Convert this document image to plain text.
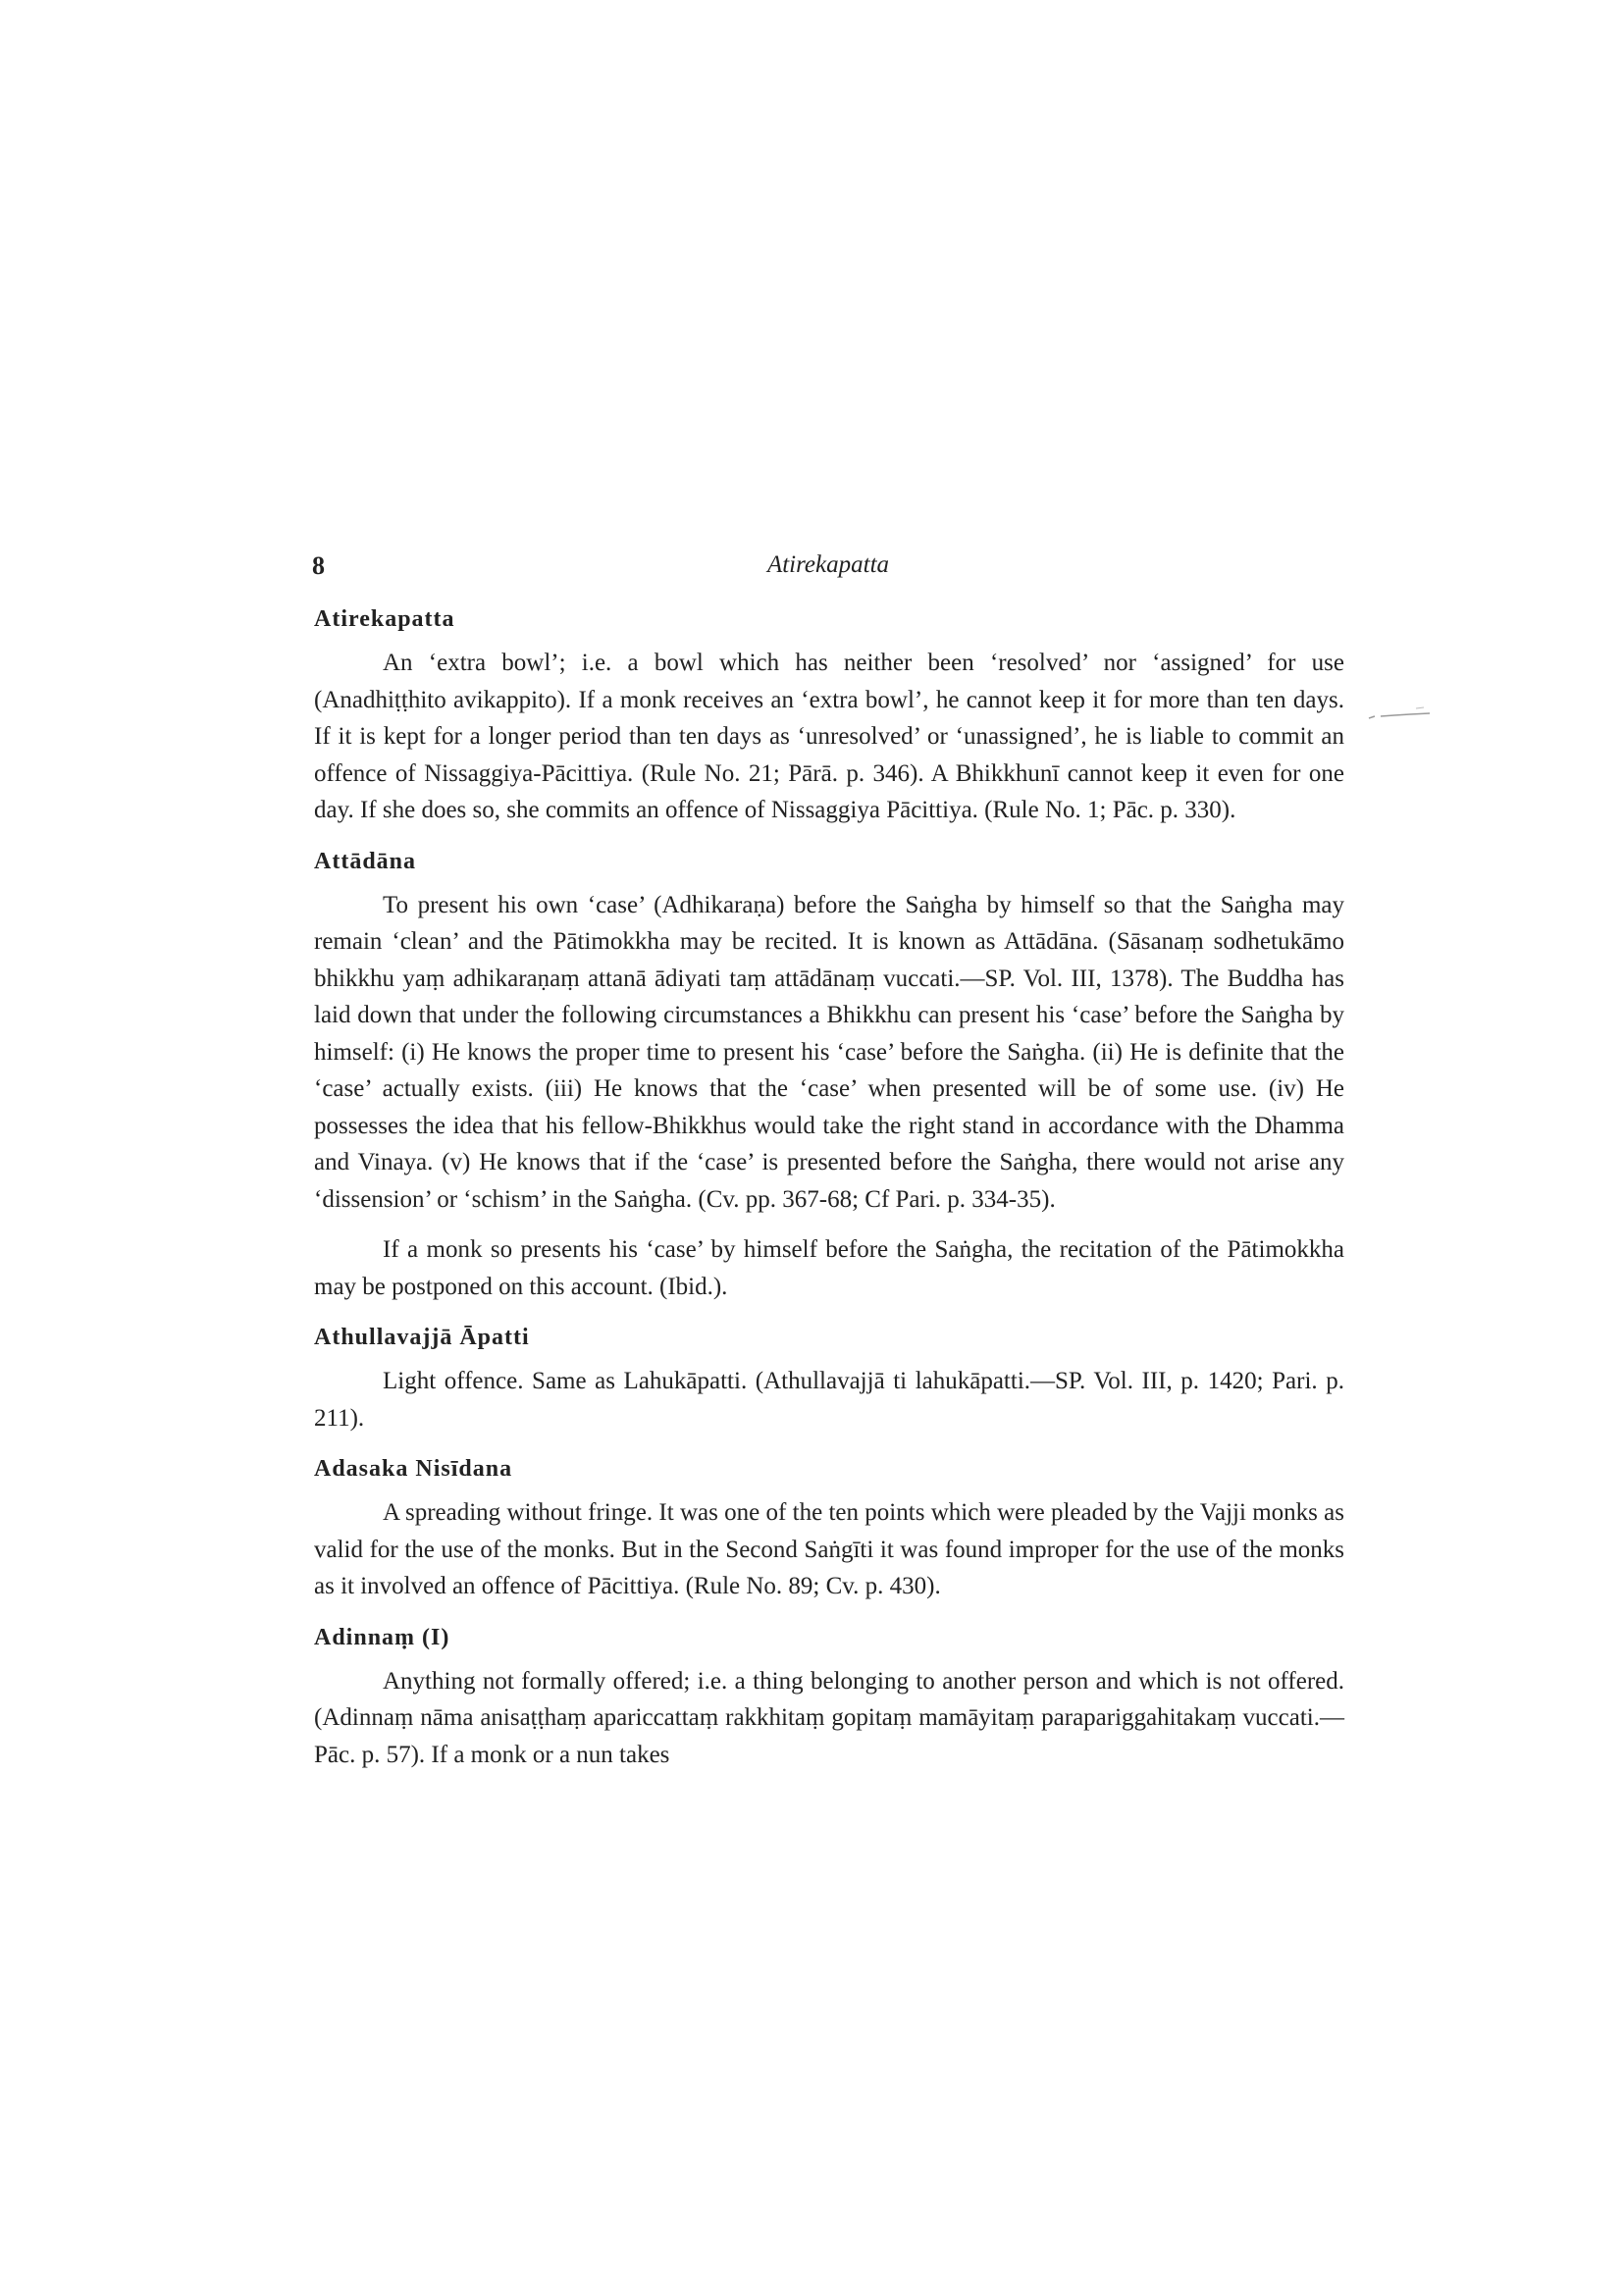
8	Atirekapatta
Atirekapatta

An ‘extra bowl’; i.e. a bowl which has neither been ‘resolved’ nor ‘assigned’ for use (Anadhiṭṭhito avikappito). If a monk receives an ‘extra bowl’, he cannot keep it for more than ten days. If it is kept for a longer period than ten days as ‘unresolved’ or ‘unassigned’, he is liable to commit an offence of Nissaggiya-Pācittiya. (Rule No. 21; Pārā. p. 346). A Bhikkhunī cannot keep it even for one day. If she does so, she commits an offence of Nissaggiya Pācittiya. (Rule No. 1; Pāc. p. 330).

Attādāna

To present his own ‘case’ (Adhikaraṇa) before the Saṅgha by himself so that the Saṅgha may remain ‘clean’ and the Pātimokkha may be recited. It is known as Attādāna. (Sāsanaṃ sodhetukāmo bhikkhu yaṃ adhikaraṇaṃ attanā ādiyati taṃ attādānaṃ vuccati.—SP. Vol. III, 1378). The Buddha has laid down that under the following circumstances a Bhikkhu can present his ‘case’ before the Saṅgha by himself: (i) He knows the proper time to present his ‘case’ before the Saṅgha. (ii) He is definite that the ‘case’ actually exists. (iii) He knows that the ‘case’ when presented will be of some use. (iv) He possesses the idea that his fellow-Bhikkhus would take the right stand in accordance with the Dhamma and Vinaya. (v) He knows that if the ‘case’ is presented before the Saṅgha, there would not arise any ‘dissension’ or ‘schism’ in the Saṅgha. (Cv. pp. 367-68; Cf Pari. p. 334-35).

If a monk so presents his ‘case’ by himself before the Saṅgha, the recitation of the Pātimokkha may be postponed on this account. (Ibid.).

Athullavajjā Āpatti

Light offence. Same as Lahukāpatti. (Athullavajjā ti lahukāpatti.—SP. Vol. III, p. 1420; Pari. p. 211).

Adasaka Nisīdana

A spreading without fringe. It was one of the ten points which were pleaded by the Vajji monks as valid for the use of the monks. But in the Second Saṅgīti it was found improper for the use of the monks as it involved an offence of Pācittiya. (Rule No. 89; Cv. p. 430).

Adinnaṃ (I)

Anything not formally offered; i.e. a thing belonging to another person and which is not offered. (Adinnaṃ nāma anisaṭṭhaṃ apariccattaṃ rakkhitaṃ gopitaṃ mamāyitaṃ parapariggahitakaṃ vuccati.—Pāc. p. 57). If a monk or a nun takes
